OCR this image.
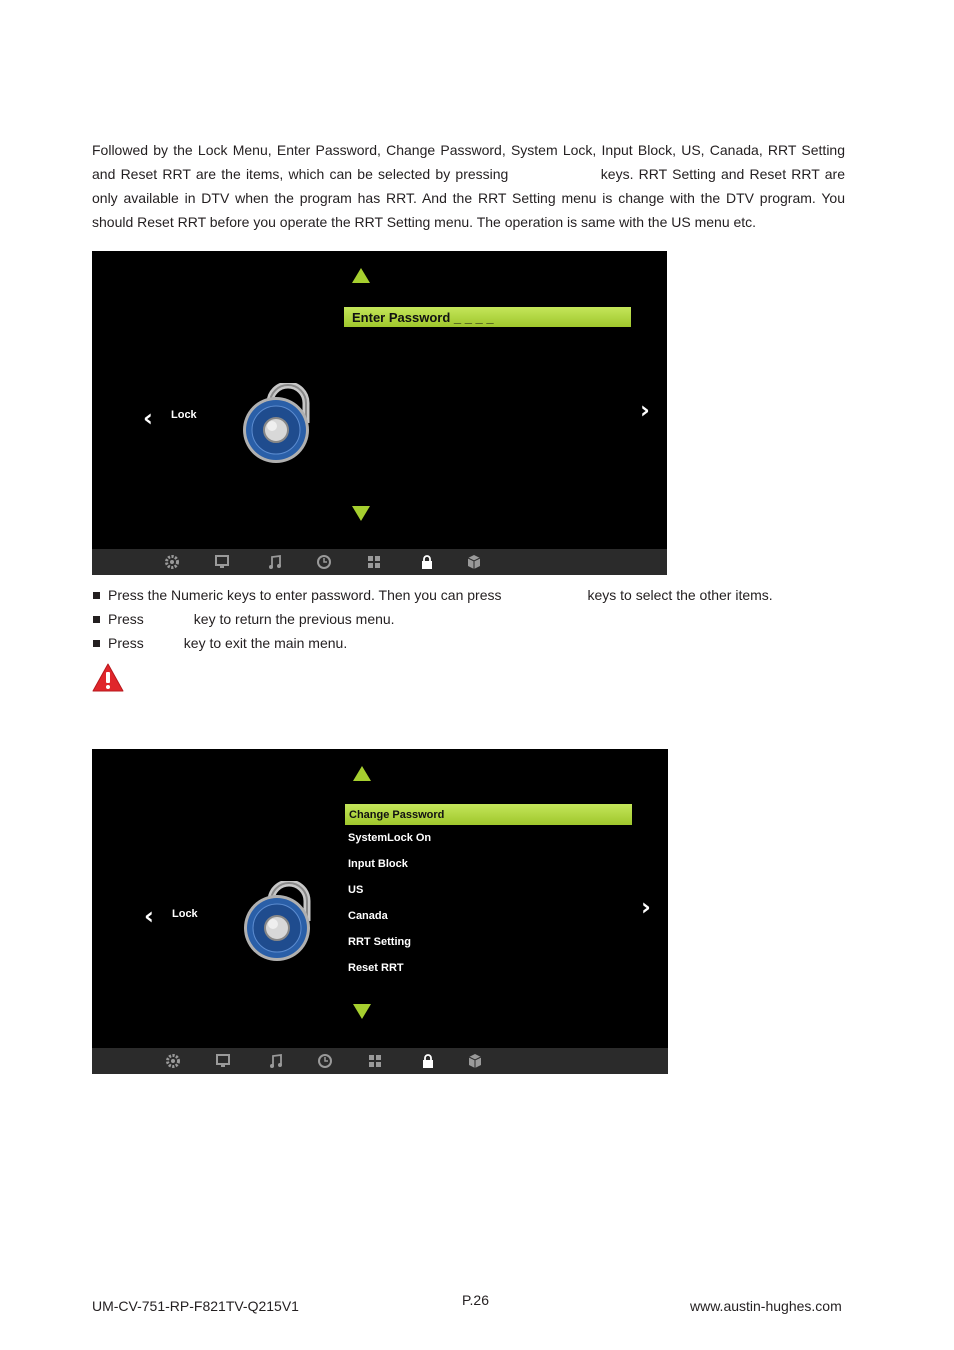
Followed by the Lock Menu, Enter Password, Change Password, System Lock, Input Block, US, Canada, RRT Setting and Reset RRT are the items, which can be selected by pressing	keys. RRT Setting and Reset RRT are only available in DTV when the program has RRT. And the RRT Setting menu is change with the DTV program. You should Reset RRT before you operate the RRT Setting menu. The operation is same with the US menu etc.

Enter Password _ _ _ _
‹ Lock	›
Press the Numeric keys to enter password. Then you can press	keys to select the other items.
Press	key to return the previous menu.
Press	key to exit the main menu.
Change Password
SystemLock On
Input Block
US
Canada
RRT Setting
Reset RRT
‹ Lock	›
UM-CV-751-RP-F821TV-Q215V1	P.26	www.austin-hughes.com
